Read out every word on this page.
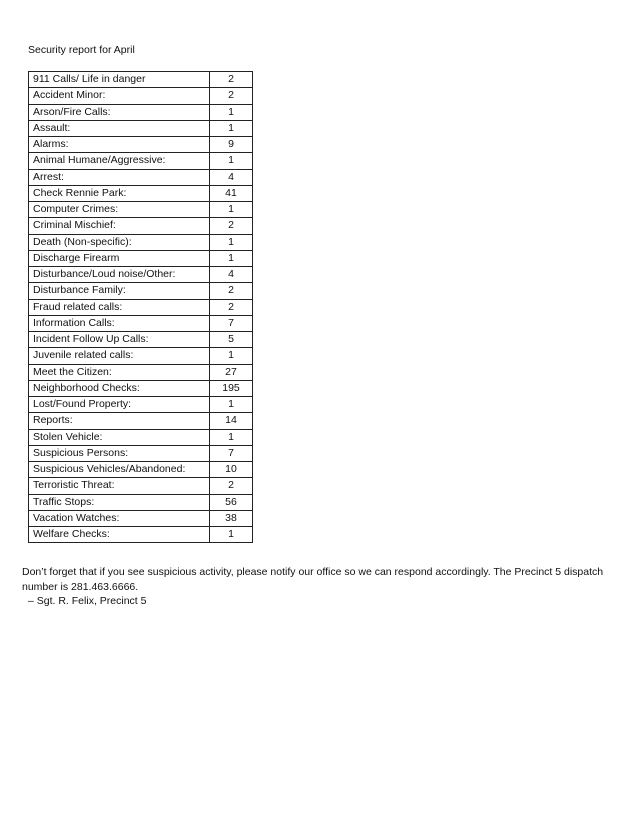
Security report for April
911 Calls/ Life in danger	2
Accident Minor:	2
Arson/Fire Calls:	1
Assault:	1
Alarms:	9
Animal Humane/Aggressive:	1
Arrest:	4
Check Rennie Park:	41
Computer Crimes:	1
Criminal Mischief:	2
Death (Non-specific):	1
Discharge Firearm	1
Disturbance/Loud noise/Other:	4
Disturbance Family:	2
Fraud related calls:	2
Information Calls:	7
Incident Follow Up Calls:	5
Juvenile related calls:	1
Meet the Citizen:	27
Neighborhood Checks:	195
Lost/Found Property:	1
Reports:	14
Stolen Vehicle:	1
Suspicious Persons:	7
Suspicious Vehicles/Abandoned:	10
Terroristic Threat:	2
Traffic Stops:	56
Vacation Watches:	38
Welfare Checks:	1

Don’t forget that if you see suspicious activity, please notify our office so we can respond accordingly. The Precinct 5 dispatch number is 281.463.6666.

– Sgt. R. Felix, Precinct 5
